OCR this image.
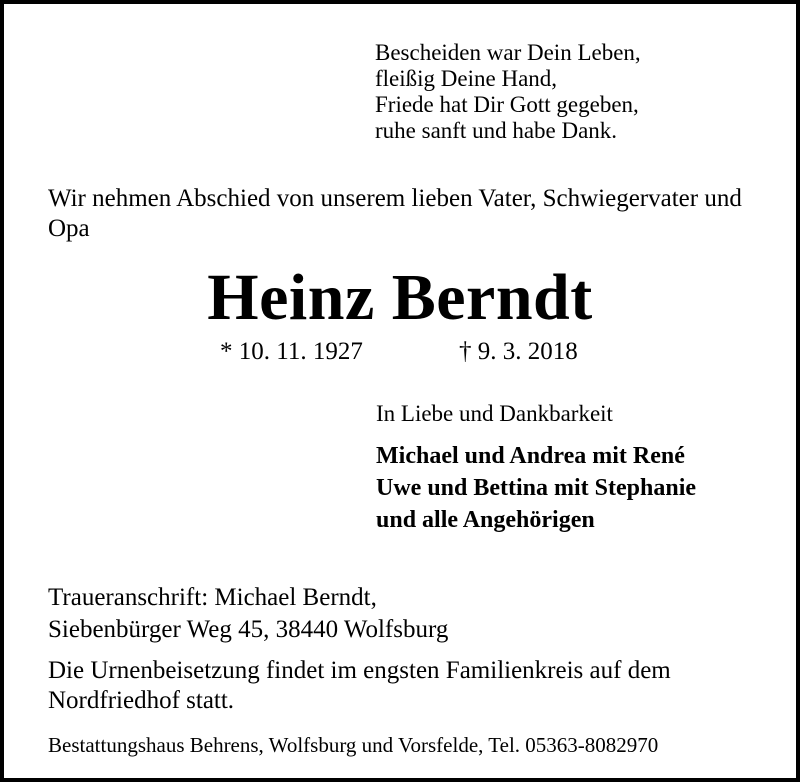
Bescheiden war Dein Leben,
fleißig Deine Hand,
Friede hat Dir Gott gegeben,
ruhe sanft und habe Dank.

Wir nehmen Abschied von unserem lieben Vater, Schwiegervater und Opa

Heinz Berndt
* 10. 11. 1927	† 9. 3. 2018
In Liebe und Dankbarkeit
Michael und Andrea mit René
Uwe und Bettina mit Stephanie
und alle Angehörigen
Traueranschrift: Michael Berndt,
Siebenbürger Weg 45, 38440 Wolfsburg

Die Urnenbeisetzung findet im engsten Familienkreis auf dem Nordfriedhof statt.

Bestattungshaus Behrens, Wolfsburg und Vorsfelde, Tel. 05363-8082970
